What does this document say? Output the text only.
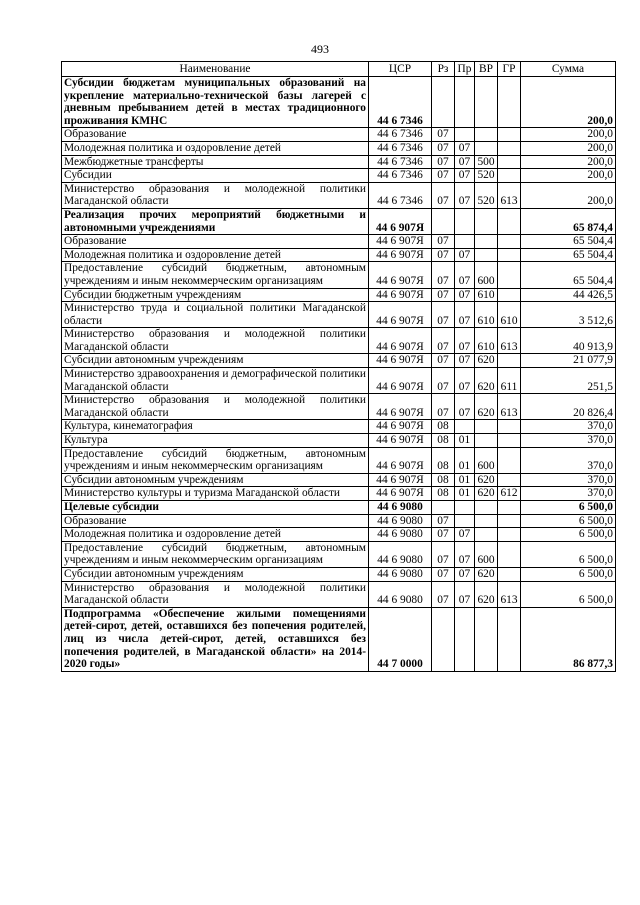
493
Наименование	ЦСР	Рз	Пр	ВР	ГР	Сумма
Субсидии бюджетам муниципальных образований на укрепление материально-технической базы лагерей с дневным пребыванием детей в местах традиционного проживания КМНС	44 6 7346					200,0
Образование	44 6 7346	07				200,0
Молодежная политика и оздоровление детей	44 6 7346	07	07			200,0
Межбюджетные трансферты	44 6 7346	07	07	500		200,0
Субсидии	44 6 7346	07	07	520		200,0
Министерство образования и молодежной политики Магаданской области	44 6 7346	07	07	520	613	200,0
Реализация прочих мероприятий бюджетными и автономными учреждениями	44 6 907Я					65 874,4
Образование	44 6 907Я	07				65 504,4
Молодежная политика и оздоровление детей	44 6 907Я	07	07			65 504,4
Предоставление субсидий бюджетным, автономным учреждениям и иным некоммерческим организациям	44 6 907Я	07	07	600		65 504,4
Субсидии бюджетным учреждениям	44 6 907Я	07	07	610		44 426,5
Министерство труда и социальной политики Магаданской области	44 6 907Я	07	07	610	610	3 512,6
Министерство образования и молодежной политики Магаданской области	44 6 907Я	07	07	610	613	40 913,9
Субсидии автономным учреждениям	44 6 907Я	07	07	620		21 077,9
Министерство здравоохранения и демографической политики Магаданской области	44 6 907Я	07	07	620	611	251,5
Министерство образования и молодежной политики Магаданской области	44 6 907Я	07	07	620	613	20 826,4
Культура, кинематография	44 6 907Я	08				370,0
Культура	44 6 907Я	08	01			370,0
Предоставление субсидий бюджетным, автономным учреждениям и иным некоммерческим организациям	44 6 907Я	08	01	600		370,0
Субсидии автономным учреждениям	44 6 907Я	08	01	620		370,0
Министерство культуры и туризма Магаданской области	44 6 907Я	08	01	620	612	370,0
Целевые субсидии	44 6 9080					6 500,0
Образование	44 6 9080	07				6 500,0
Молодежная политика и оздоровление детей	44 6 9080	07	07			6 500,0
Предоставление субсидий бюджетным, автономным учреждениям и иным некоммерческим организациям	44 6 9080	07	07	600		6 500,0
Субсидии автономным учреждениям	44 6 9080	07	07	620		6 500,0
Министерство образования и молодежной политики Магаданской области	44 6 9080	07	07	620	613	6 500,0
Подпрограмма «Обеспечение жилыми помещениями детей-сирот, детей, оставшихся без попечения родителей, лиц из числа детей-сирот, детей, оставшихся без попечения родителей, в Магаданской области» на 2014-2020 годы»	44 7 0000					86 877,3
